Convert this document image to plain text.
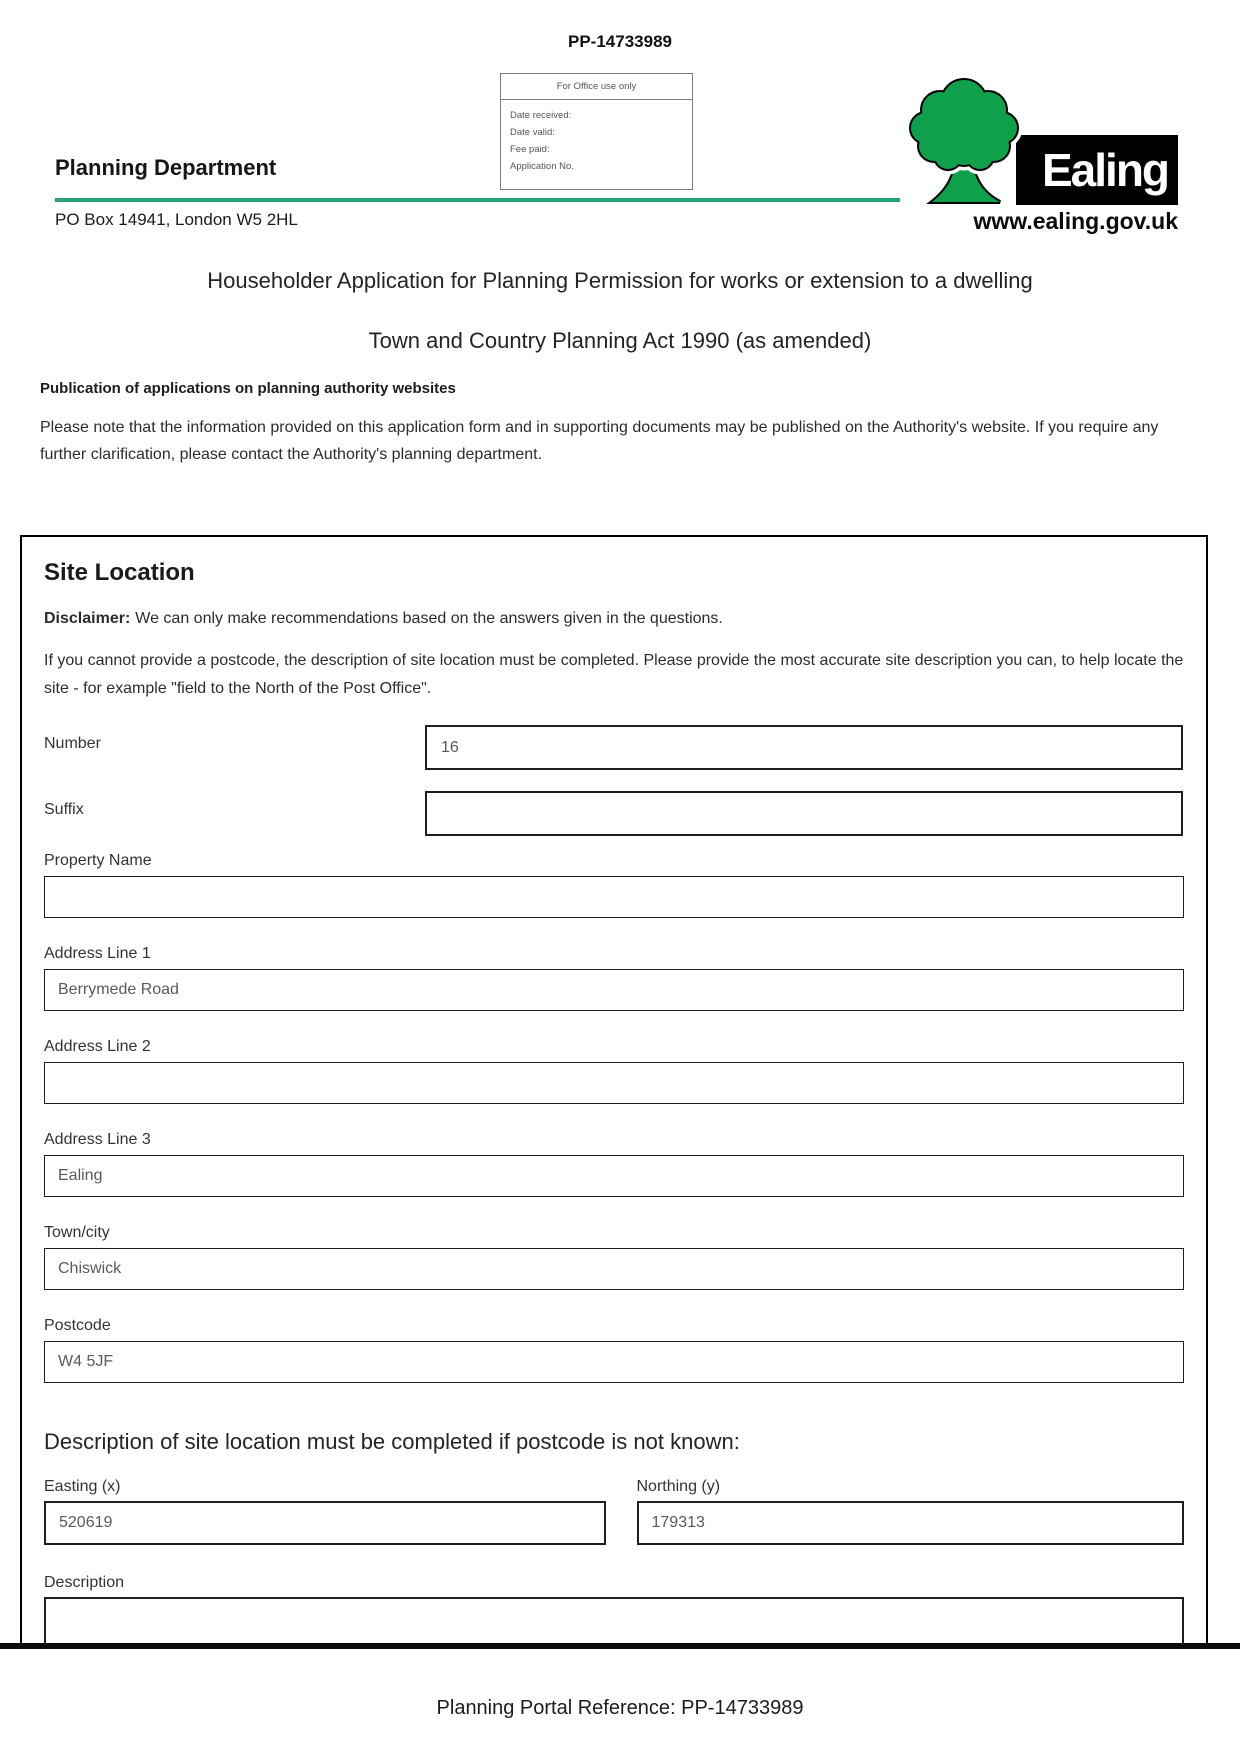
PP-14733989
For Office use only
Date received:
Date valid:
Fee paid:
Application No.
Planning Department
PO Box 14941, London W5 2HL
Ealing
www.ealing.gov.uk
Householder Application for Planning Permission for works or extension to a dwelling
Town and Country Planning Act 1990 (as amended)
Publication of applications on planning authority websites
Please note that the information provided on this application form and in supporting documents may be published on the Authority's website. If you require any further clarification, please contact the Authority's planning department.
Site Location
Disclaimer: We can only make recommendations based on the answers given in the questions.
If you cannot provide a postcode, the description of site location must be completed. Please provide the most accurate site description you can, to help locate the site - for example "field to the North of the Post Office".
Number
16
Suffix
Property Name
Address Line 1
Berrymede Road
Address Line 2
Address Line 3
Ealing
Town/city
Chiswick
Postcode
W4 5JF
Description of site location must be completed if postcode is not known:
Easting (x)
520619	Northing (y)
179313
Description
Planning Portal Reference: PP-14733989
